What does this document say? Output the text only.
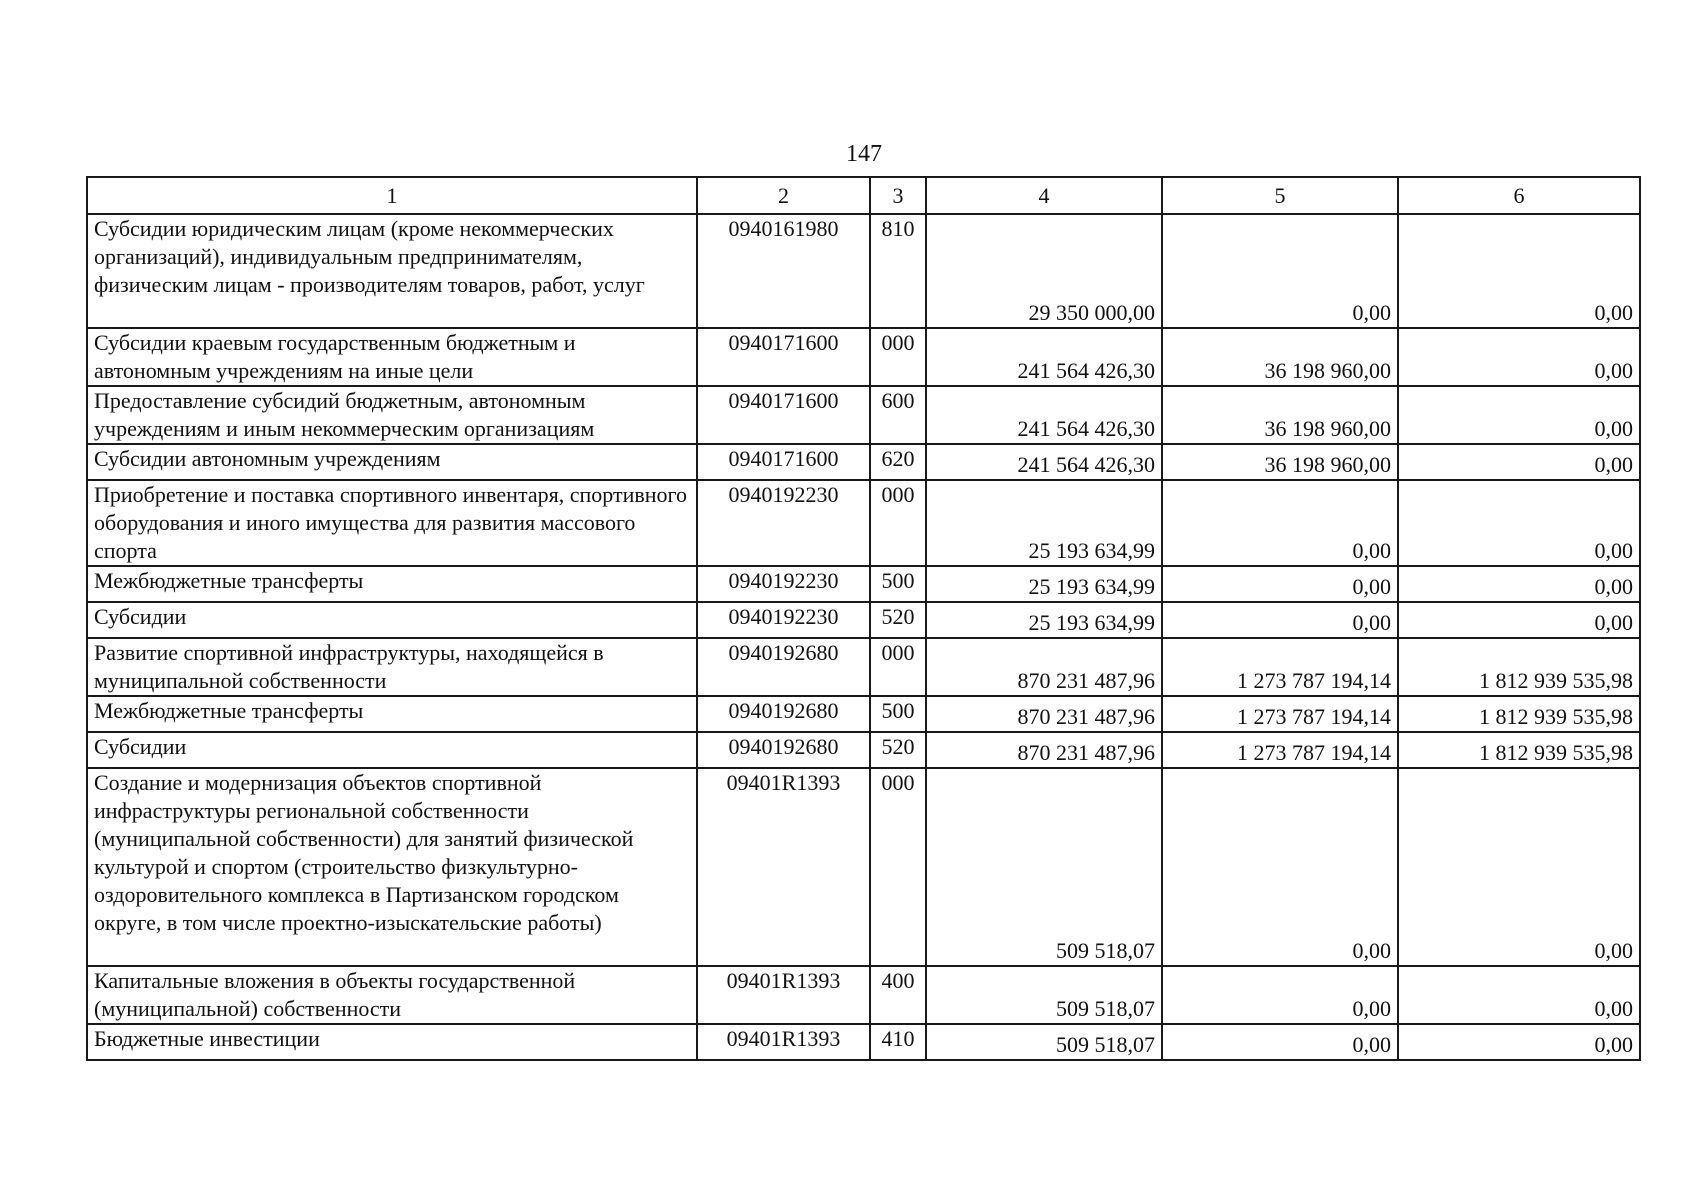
147
1	2	3	4	5	6
Субсидии юридическим лицам (кроме некоммерческих организаций), индивидуальным предпринимателям, физическим лицам - производителям товаров, работ, услуг	0940161980	810	29 350 000,00	0,00	0,00
Субсидии краевым государственным бюджетным и автономным учреждениям на иные цели	0940171600	000	241 564 426,30	36 198 960,00	0,00
Предоставление субсидий бюджетным, автономным учреждениям и иным некоммерческим организациям	0940171600	600	241 564 426,30	36 198 960,00	0,00
Субсидии автономным учреждениям	0940171600	620	241 564 426,30	36 198 960,00	0,00
Приобретение и поставка спортивного инвентаря, спортивного оборудования и иного имущества для развития массового спорта	0940192230	000	25 193 634,99	0,00	0,00
Межбюджетные трансферты	0940192230	500	25 193 634,99	0,00	0,00
Субсидии	0940192230	520	25 193 634,99	0,00	0,00
Развитие спортивной инфраструктуры, находящейся в муниципальной собственности	0940192680	000	870 231 487,96	1 273 787 194,14	1 812 939 535,98
Межбюджетные трансферты	0940192680	500	870 231 487,96	1 273 787 194,14	1 812 939 535,98
Субсидии	0940192680	520	870 231 487,96	1 273 787 194,14	1 812 939 535,98
Создание и модернизация объектов спортивной инфраструктуры региональной собственности (муниципальной собственности) для занятий физической культурой и спортом (строительство физкультурно-оздоровительного комплекса в Партизанском городском округе, в том числе проектно-изыскательские работы)	09401R1393	000	509 518,07	0,00	0,00
Капитальные вложения в объекты государственной (муниципальной) собственности	09401R1393	400	509 518,07	0,00	0,00
Бюджетные инвестиции	09401R1393	410	509 518,07	0,00	0,00
